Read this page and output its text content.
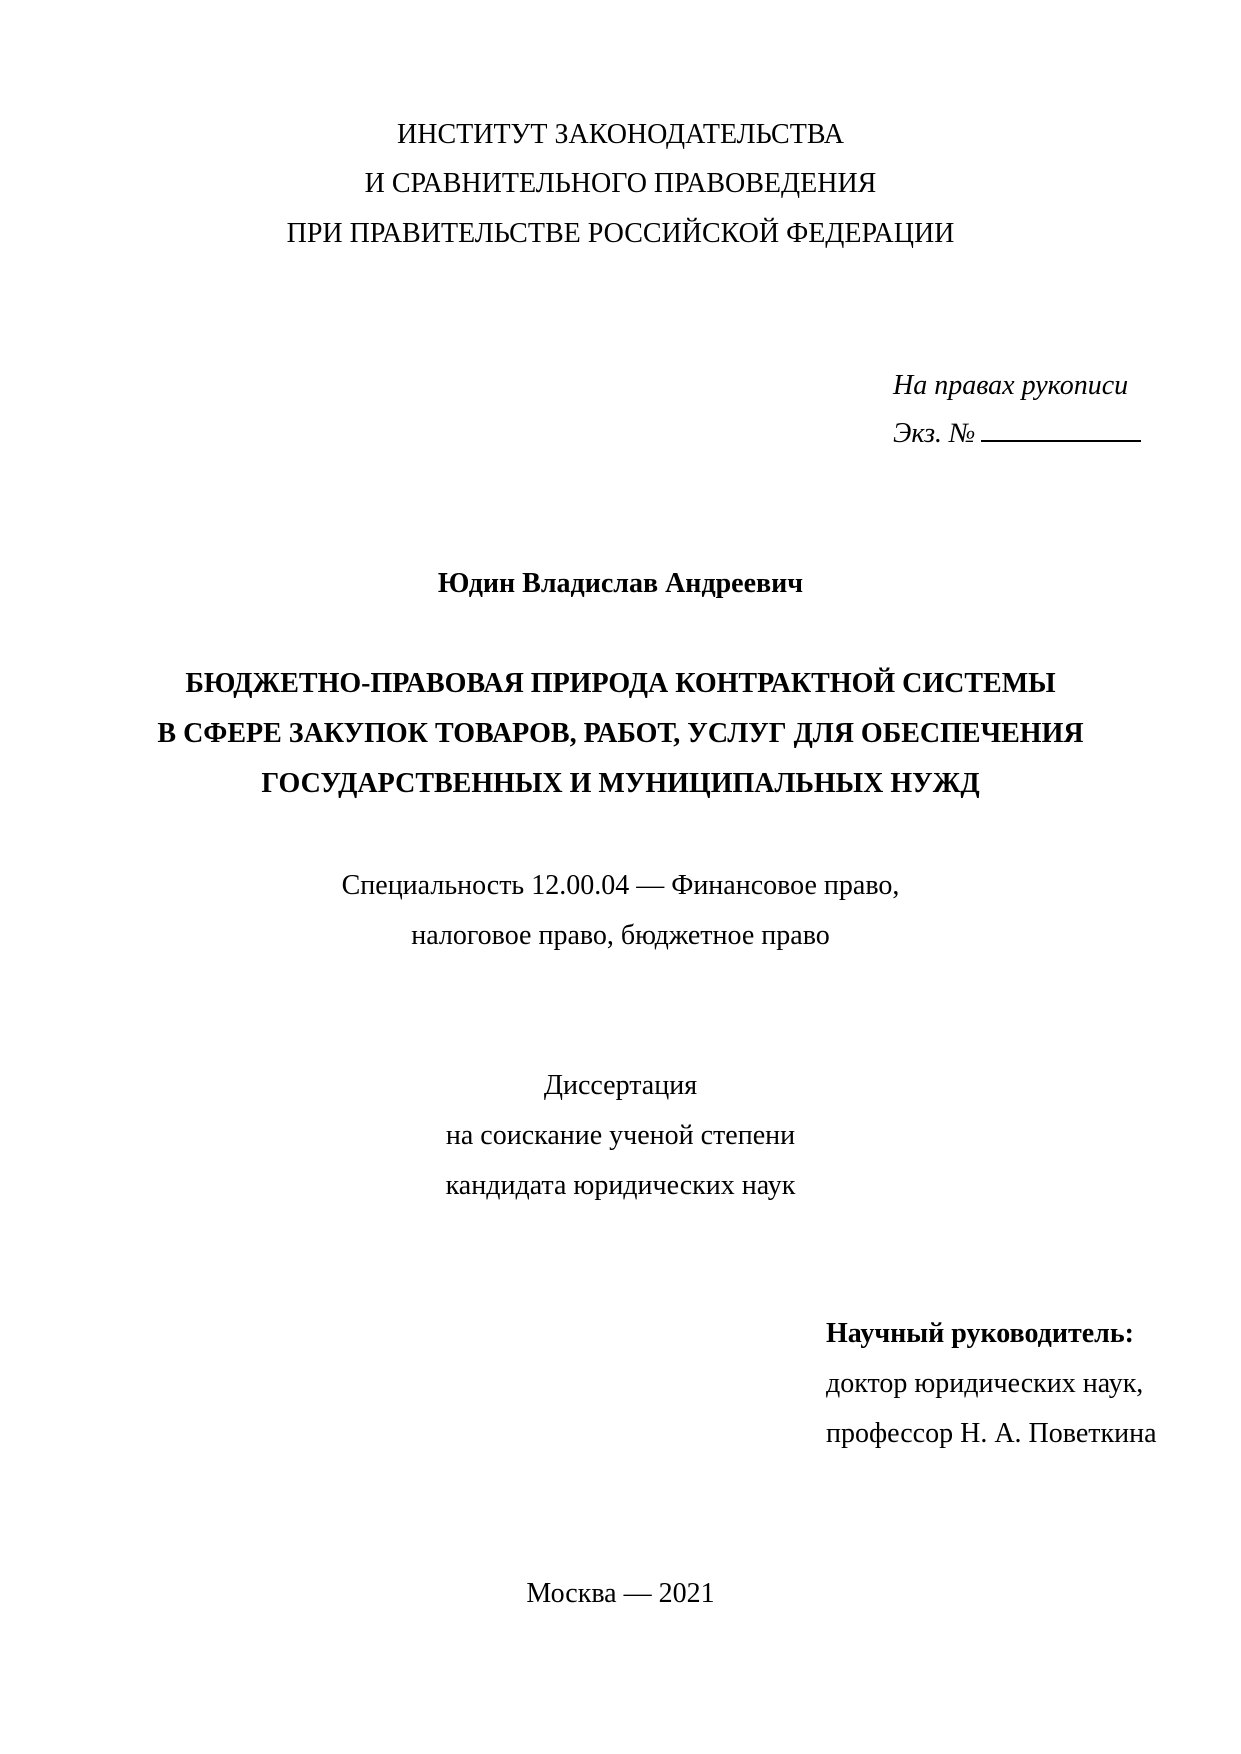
ИНСТИТУТ ЗАКОНОДАТЕЛЬСТВА
И СРАВНИТЕЛЬНОГО ПРАВОВЕДЕНИЯ
ПРИ ПРАВИТЕЛЬСТВЕ РОССИЙСКОЙ ФЕДЕРАЦИИ
На правах рукописи
Экз. №
Юдин Владислав Андреевич
БЮДЖЕТНО-ПРАВОВАЯ ПРИРОДА КОНТРАКТНОЙ СИСТЕМЫ
В СФЕРЕ ЗАКУПОК ТОВАРОВ, РАБОТ, УСЛУГ ДЛЯ ОБЕСПЕЧЕНИЯ
ГОСУДАРСТВЕННЫХ И МУНИЦИПАЛЬНЫХ НУЖД
Специальность 12.00.04 — Финансовое право,
налоговое право, бюджетное право
Диссертация
на соискание ученой степени
кандидата юридических наук
Научный руководитель:
доктор юридических наук,
профессор Н. А. Поветкина
Москва — 2021
